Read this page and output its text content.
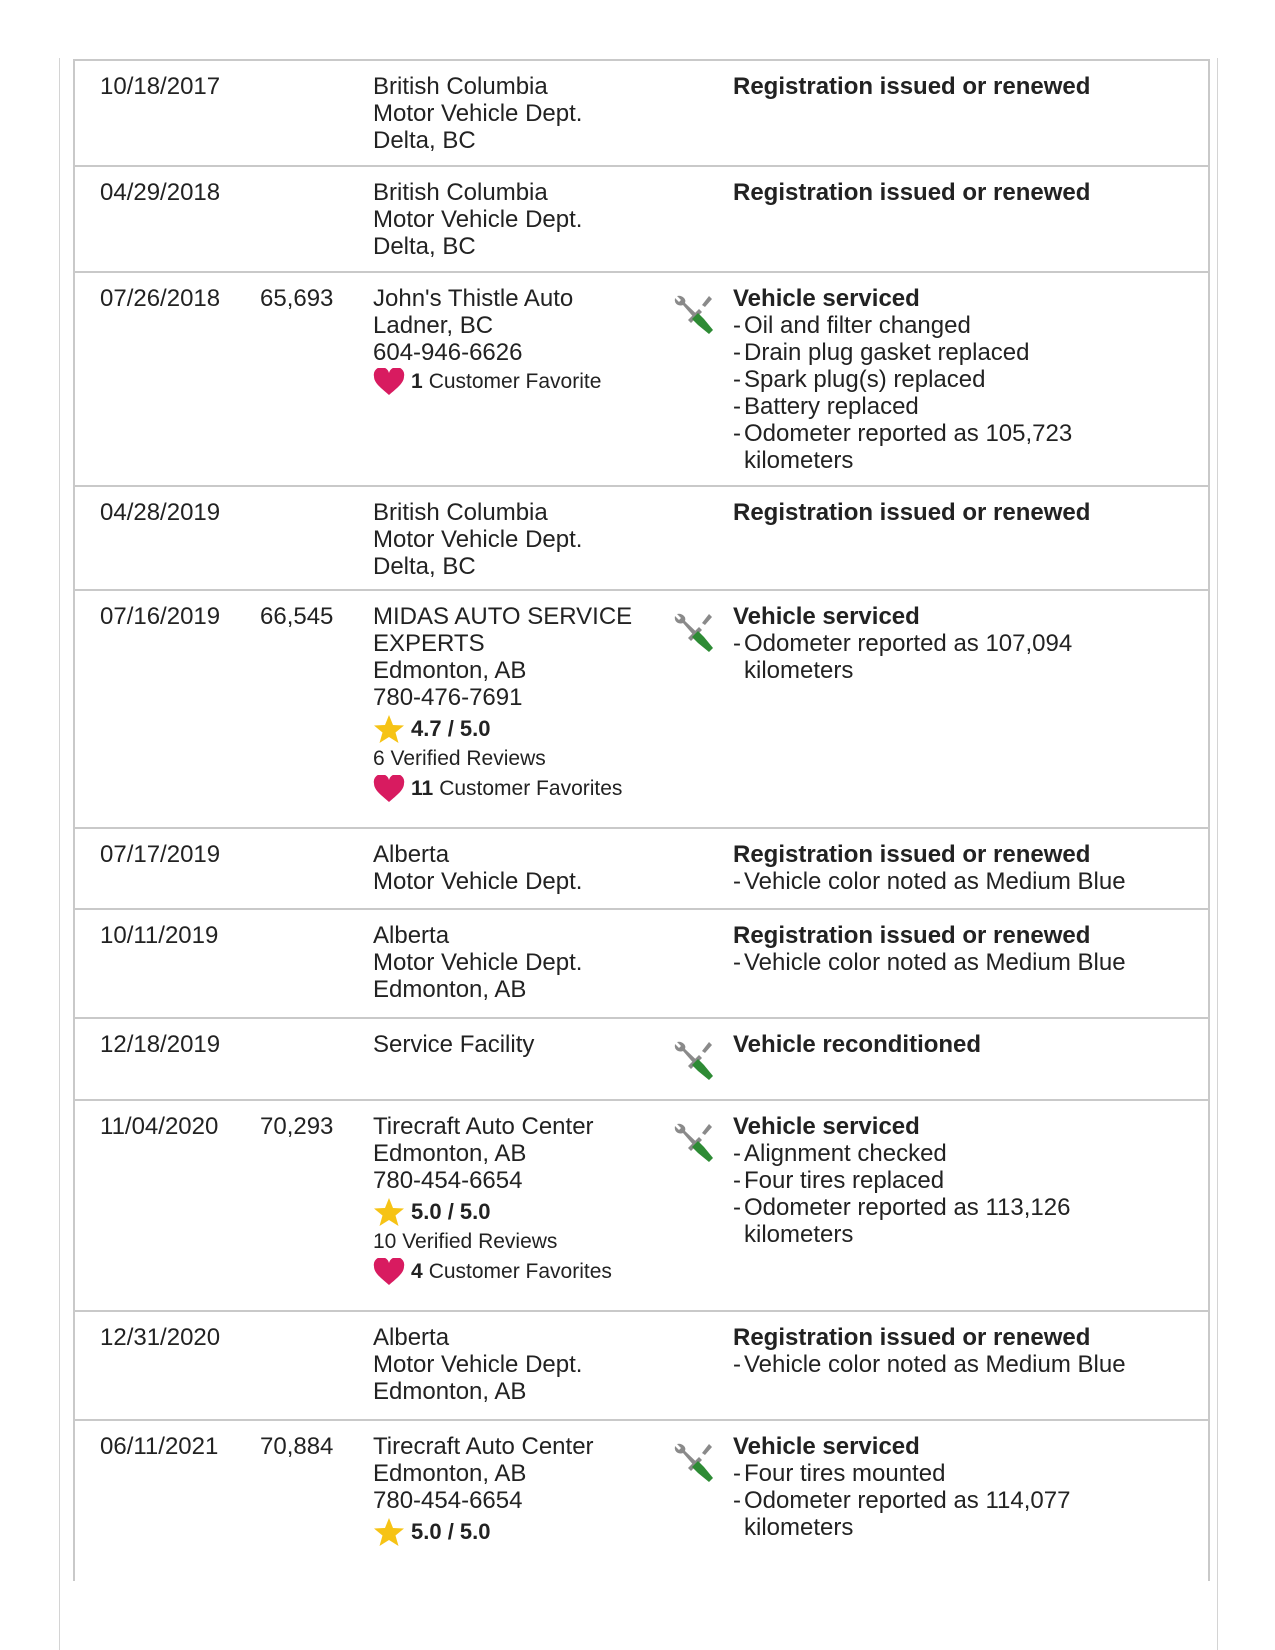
10/18/2017	British Columbia
Motor Vehicle Dept.
Delta, BC
Registration issued or renewed
04/29/2018	British Columbia
Motor Vehicle Dept.
Delta, BC
Registration issued or renewed
07/26/2018 65,693 John's Thistle Auto
Ladner, BC
604-946-6626
1 Customer Favorite
Vehicle serviced
- Oil and filter changed
- Drain plug gasket replaced
- Spark plug(s) replaced
- Battery replaced
- Odometer reported as 105,723 kilometers
04/28/2019	British Columbia
Motor Vehicle Dept.
Delta, BC
Registration issued or renewed
07/16/2019 66,545 MIDAS AUTO SERVICE EXPERTS
Edmonton, AB
780-476-7691
4.7 / 5.0
6 Verified Reviews
11 Customer Favorites
Vehicle serviced
- Odometer reported as 107,094 kilometers
07/17/2019	Alberta
Motor Vehicle Dept.
Registration issued or renewed
- Vehicle color noted as Medium Blue
10/11/2019	Alberta
Motor Vehicle Dept.
Edmonton, AB
Registration issued or renewed
- Vehicle color noted as Medium Blue
12/18/2019	Service Facility	Vehicle reconditioned
11/04/2020 70,293 Tirecraft Auto Center
Edmonton, AB
780-454-6654
5.0 / 5.0
10 Verified Reviews
4 Customer Favorites
Vehicle serviced
- Alignment checked
- Four tires replaced
- Odometer reported as 113,126 kilometers
12/31/2020	Alberta
Motor Vehicle Dept.
Edmonton, AB
Registration issued or renewed
- Vehicle color noted as Medium Blue
06/11/2021 70,884 Tirecraft Auto Center
Edmonton, AB
780-454-6654
5.0 / 5.0
Vehicle serviced
- Four tires mounted
- Odometer reported as 114,077 kilometers
